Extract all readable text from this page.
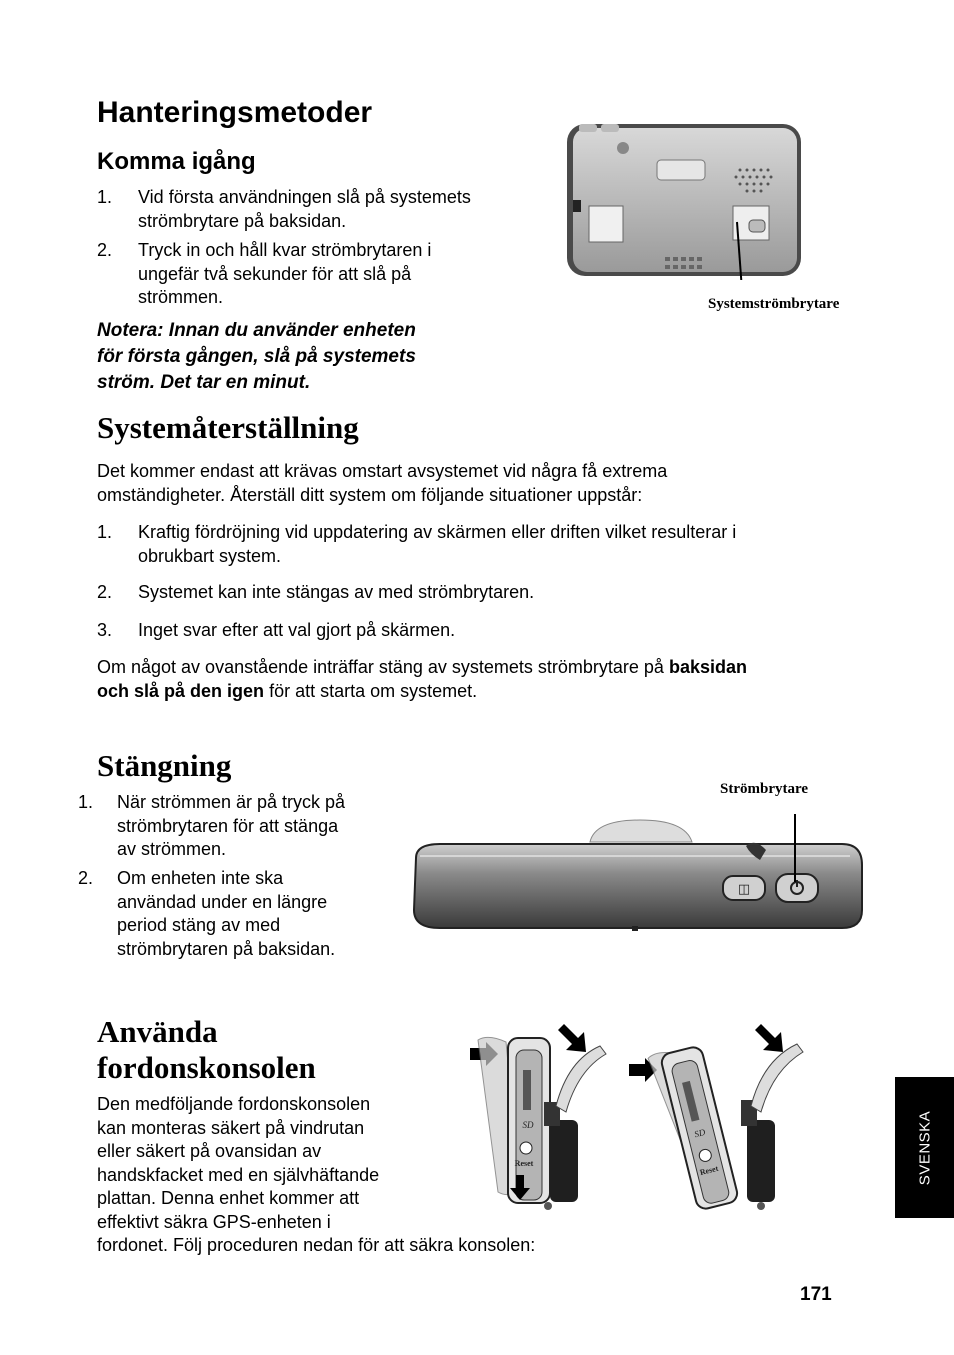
Hanteringsmetoder
Komma igång
1. Vid första användningen slå på systemets
strömbrytare på baksidan.
2. Tryck in och håll kvar strömbrytaren i
ungefär två sekunder för att slå på
strömmen.
Notera: Innan du använder enheten
för första gången, slå på systemets
ström. Det tar en minut.
Systemströmbrytare
Systemåterställning
Det kommer endast att krävas omstart avsystemet vid några få extrema
omständigheter. Återställ ditt system om följande situationer uppstår:
1. Kraftig fördröjning vid uppdatering av skärmen eller driften vilket resulterar i
obrukbart system.
2. Systemet kan inte stängas av med strömbrytaren.
3. Inget svar efter att val gjort på skärmen.
Om något av ovanstående inträffar stäng av systemets strömbrytare på baksidan
och slå på den igen för att starta om systemet.
Stängning
1. När strömmen är på tryck på
strömbrytaren för att stänga
av strömmen.
2. Om enheten inte ska
användad under en längre
period stäng av med
strömbrytaren på baksidan.
Strömbrytare
◫
Använda
fordonskonsolen
Den medföljande fordonskonsolen
kan monteras säkert på vindrutan
eller säkert på ovansidan av
handskfacket med en självhäftande
plattan. Denna enhet kommer att
effektivt säkra GPS-enheten i
fordonet. Följ proceduren nedan för att säkra konsolen:
SD
Reset
SD
Reset	SVENSKA
171
